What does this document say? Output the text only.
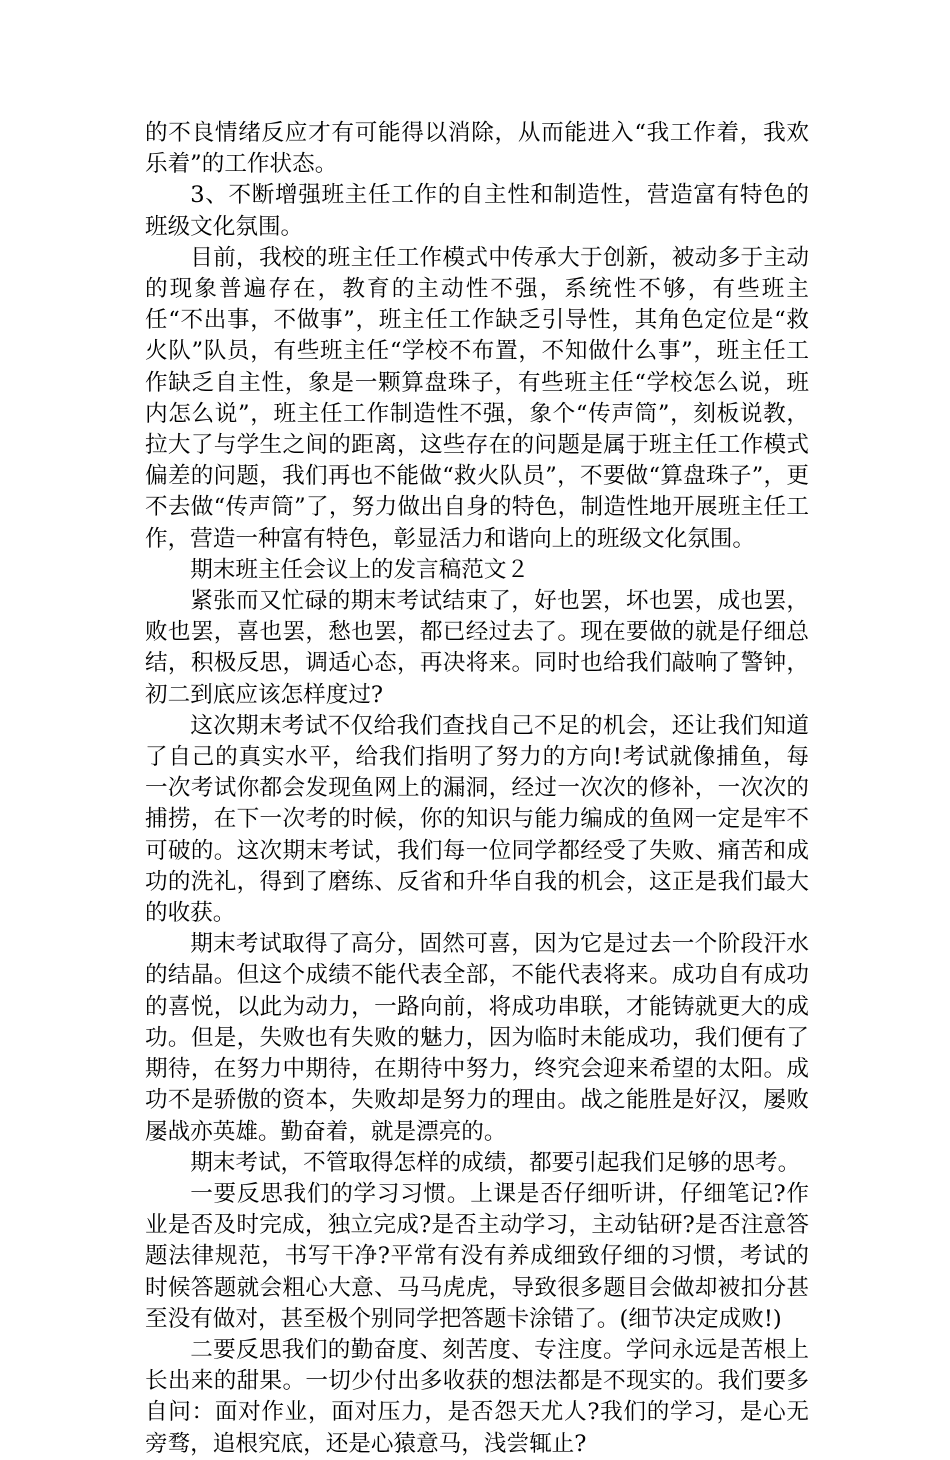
的不良情绪反应才有可能得以消除，从而能进入“我工作着，我欢乐着”的工作状态。

3、不断增强班主任工作的自主性和制造性，营造富有特色的班级文化氛围。

目前，我校的班主任工作模式中传承大于创新，被动多于主动的现象普遍存在，教育的主动性不强，系统性不够，有些班主任“不出事，不做事”，班主任工作缺乏引导性，其角色定位是“救火队”队员，有些班主任“学校不布置，不知做什么事”，班主任工作缺乏自主性，象是一颗算盘珠子，有些班主任“学校怎么说，班内怎么说”，班主任工作制造性不强，象个“传声筒”，刻板说教，拉大了与学生之间的距离，这些存在的问题是属于班主任工作模式偏差的问题，我们再也不能做“救火队员”，不要做“算盘珠子”，更不去做“传声筒”了，努力做出自身的特色，制造性地开展班主任工作，营造一种富有特色，彰显活力和谐向上的班级文化氛围。

期末班主任会议上的发言稿范文２

紧张而又忙碌的期末考试结束了，好也罢，坏也罢，成也罢，败也罢，喜也罢，愁也罢，都已经过去了。现在要做的就是仔细总结，积极反思，调适心态，再决将来。同时也给我们敲响了警钟，初二到底应该怎样度过?

这次期末考试不仅给我们查找自己不足的机会，还让我们知道了自己的真实水平，给我们指明了努力的方向!考试就像捕鱼，每一次考试你都会发现鱼网上的漏洞，经过一次次的修补，一次次的捕捞，在下一次考的时候，你的知识与能力编成的鱼网一定是牢不可破的。这次期末考试，我们每一位同学都经受了失败、痛苦和成功的洗礼，得到了磨练、反省和升华自我的机会，这正是我们最大的收获。

期末考试取得了高分，固然可喜，因为它是过去一个阶段汗水的结晶。但这个成绩不能代表全部，不能代表将来。成功自有成功的喜悦，以此为动力，一路向前，将成功串联，才能铸就更大的成功。但是，失败也有失败的魅力，因为临时未能成功，我们便有了期待，在努力中期待，在期待中努力，终究会迎来希望的太阳。成功不是骄傲的资本，失败却是努力的理由。战之能胜是好汉，屡败屡战亦英雄。勤奋着，就是漂亮的。

期末考试，不管取得怎样的成绩，都要引起我们足够的思考。

一要反思我们的学习习惯。上课是否仔细听讲，仔细笔记?作业是否及时完成，独立完成?是否主动学习，主动钻研?是否注意答题法律规范，书写干净?平常有没有养成细致仔细的习惯，考试的时候答题就会粗心大意、马马虎虎，导致很多题目会做却被扣分甚至没有做对，甚至极个别同学把答题卡涂错了。(细节决定成败!)

二要反思我们的勤奋度、刻苦度、专注度。学问永远是苦根上长出来的甜果。一切少付出多收获的想法都是不现实的。我们要多自问：面对作业，面对压力，是否怨天尤人?我们的学习，是心无旁骛，追根究底，还是心猿意马，浅尝辄止?
